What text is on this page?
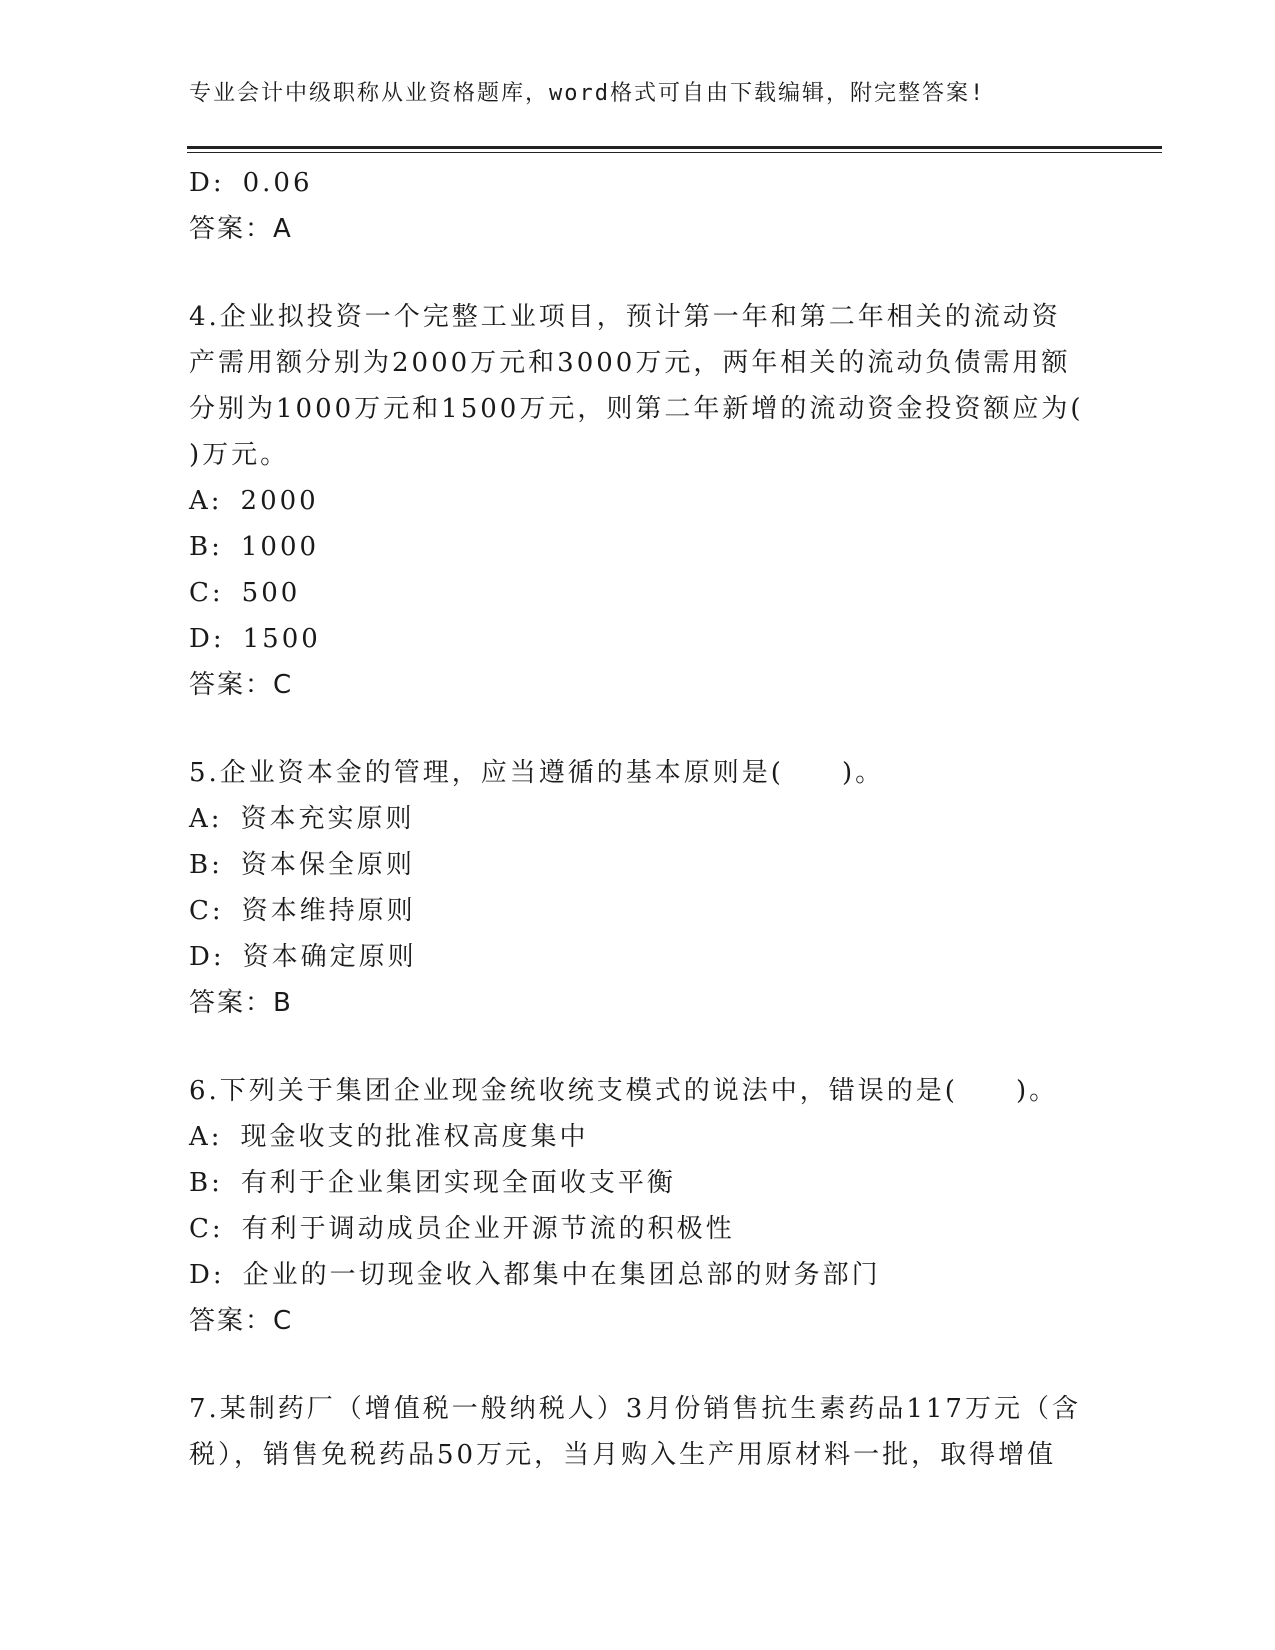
专业会计中级职称从业资格题库，word格式可自由下载编辑，附完整答案!
D: 0.06
答案：A
4.企业拟投资一个完整工业项目，预计第一年和第二年相关的流动资
产需用额分别为2000万元和3000万元，两年相关的流动负债需用额
分别为1000万元和1500万元，则第二年新增的流动资金投资额应为(
)万元。
A: 2000
B: 1000
C: 500
D: 1500
答案：C
5.企业资本金的管理，应当遵循的基本原则是(　　)。
A: 资本充实原则
B: 资本保全原则
C: 资本维持原则
D: 资本确定原则
答案：B
6.下列关于集团企业现金统收统支模式的说法中，错误的是(　　)。
A: 现金收支的批准权高度集中
B: 有利于企业集团实现全面收支平衡
C: 有利于调动成员企业开源节流的积极性
D: 企业的一切现金收入都集中在集团总部的财务部门
答案：C
7.某制药厂（增值税一般纳税人）3月份销售抗生素药品117万元（含
税），销售免税药品50万元，当月购入生产用原材料一批，取得增值
